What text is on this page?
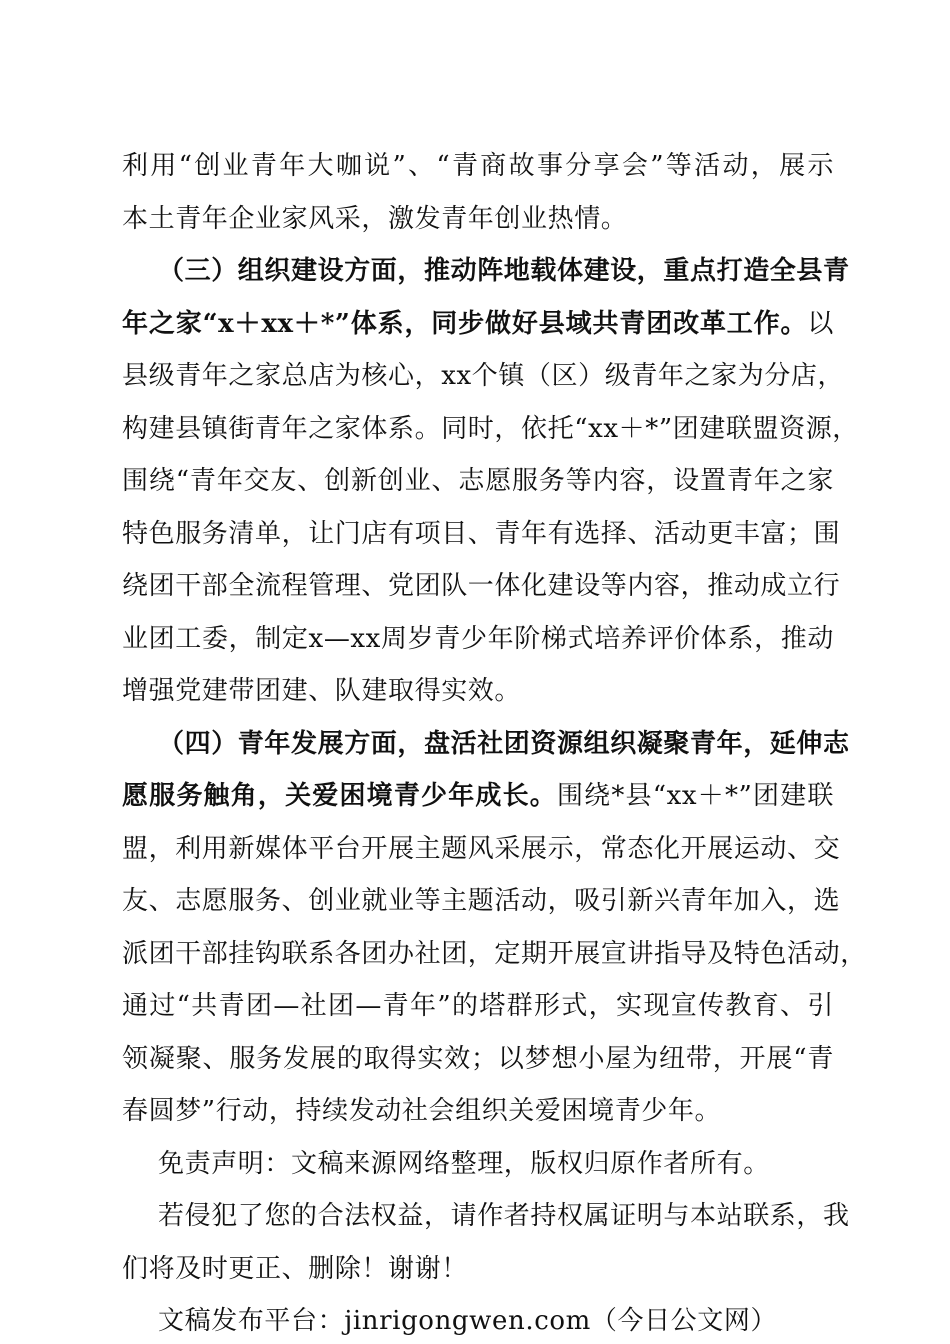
利用“创业青年大咖说”、“青商故事分享会”等活动，展示
本土青年企业家风采，激发青年创业热情。
（三）组织建设方面，推动阵地载体建设，重点打造全县青
年之家“x＋xx＋*”体系，同步做好县域共青团改革工作。以
县级青年之家总店为核心，xx个镇（区）级青年之家为分店，
构建县镇街青年之家体系。同时，依托“xx＋*”团建联盟资源，
围绕“青年交友、创新创业、志愿服务等内容，设置青年之家
特色服务清单，让门店有项目、青年有选择、活动更丰富；围
绕团干部全流程管理、党团队一体化建设等内容，推动成立行
业团工委，制定x—xx周岁青少年阶梯式培养评价体系，推动
增强党建带团建、队建取得实效。
（四）青年发展方面，盘活社团资源组织凝聚青年，延伸志
愿服务触角，关爱困境青少年成长。围绕*县“xx＋*”团建联
盟，利用新媒体平台开展主题风采展示，常态化开展运动、交
友、志愿服务、创业就业等主题活动，吸引新兴青年加入，选
派团干部挂钩联系各团办社团，定期开展宣讲指导及特色活动，
通过“共青团—社团—青年”的塔群形式，实现宣传教育、引
领凝聚、服务发展的取得实效；以梦想小屋为纽带，开展“青
春圆梦”行动，持续发动社会组织关爱困境青少年。
免责声明：文稿来源网络整理，版权归原作者所有。
若侵犯了您的合法权益，请作者持权属证明与本站联系，我
们将及时更正、删除！谢谢！
文稿发布平台：jinrigongwen.com（今日公文网）
